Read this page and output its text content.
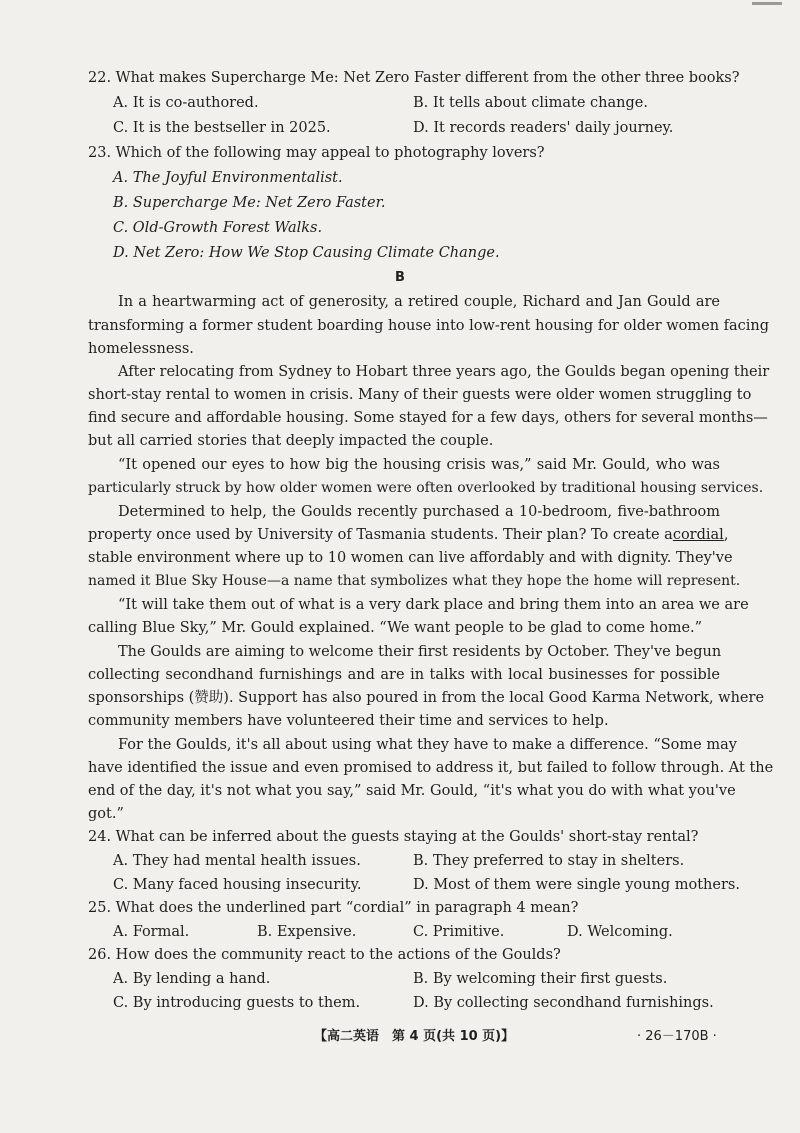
22. What makes Supercharge Me: Net Zero Faster different from the other three books?
A. It is co-authored.	B. It tells about climate change.
C. It is the bestseller in 2025.	D. It records readers' daily journey.
23. Which of the following may appeal to photography lovers?
A. The Joyful Environmentalist.
B. Supercharge Me: Net Zero Faster.
C. Old-Growth Forest Walks.
D. Net Zero: How We Stop Causing Climate Change.
B
In a heartwarming act of generosity, a retired couple, Richard and Jan Gould are
transforming a former student boarding house into low-rent housing for older women facing
homelessness.
After relocating from Sydney to Hobart three years ago, the Goulds began opening their
short-stay rental to women in crisis. Many of their guests were older women struggling to
find secure and affordable housing. Some stayed for a few days, others for several months—
but all carried stories that deeply impacted the couple.
“It opened our eyes to how big the housing crisis was,” said Mr. Gould, who was
particularly struck by how older women were often overlooked by traditional housing services.
Determined to help, the Goulds recently purchased a 10-bedroom, five-bathroom
property once used by University of Tasmania students. Their plan? To create a cordial,
stable environment where up to 10 women can live affordably and with dignity. They've
named it Blue Sky House—a name that symbolizes what they hope the home will represent.
“It will take them out of what is a very dark place and bring them into an area we are
calling Blue Sky,” Mr. Gould explained. “We want people to be glad to come home.”
The Goulds are aiming to welcome their first residents by October. They've begun
collecting secondhand furnishings and are in talks with local businesses for possible
sponsorships (赞助). Support has also poured in from the local Good Karma Network, where
community members have volunteered their time and services to help.
For the Goulds, it's all about using what they have to make a difference. “Some may
have identified the issue and even promised to address it, but failed to follow through. At the
end of the day, it's not what you say,” said Mr. Gould, “it's what you do with what you've
got.”
24. What can be inferred about the guests staying at the Goulds' short-stay rental?
A. They had mental health issues.	B. They preferred to stay in shelters.
C. Many faced housing insecurity.	D. Most of them were single young mothers.
25. What does the underlined part “cordial” in paragraph 4 mean?
A. Formal.	B. Expensive.	C. Primitive.	D. Welcoming.
26. How does the community react to the actions of the Goulds?
A. By lending a hand.	B. By welcoming their first guests.
C. By introducing guests to them.	D. By collecting secondhand furnishings.
【高二英语　第 4 页(共 10 页)】	· 26－170B ·
